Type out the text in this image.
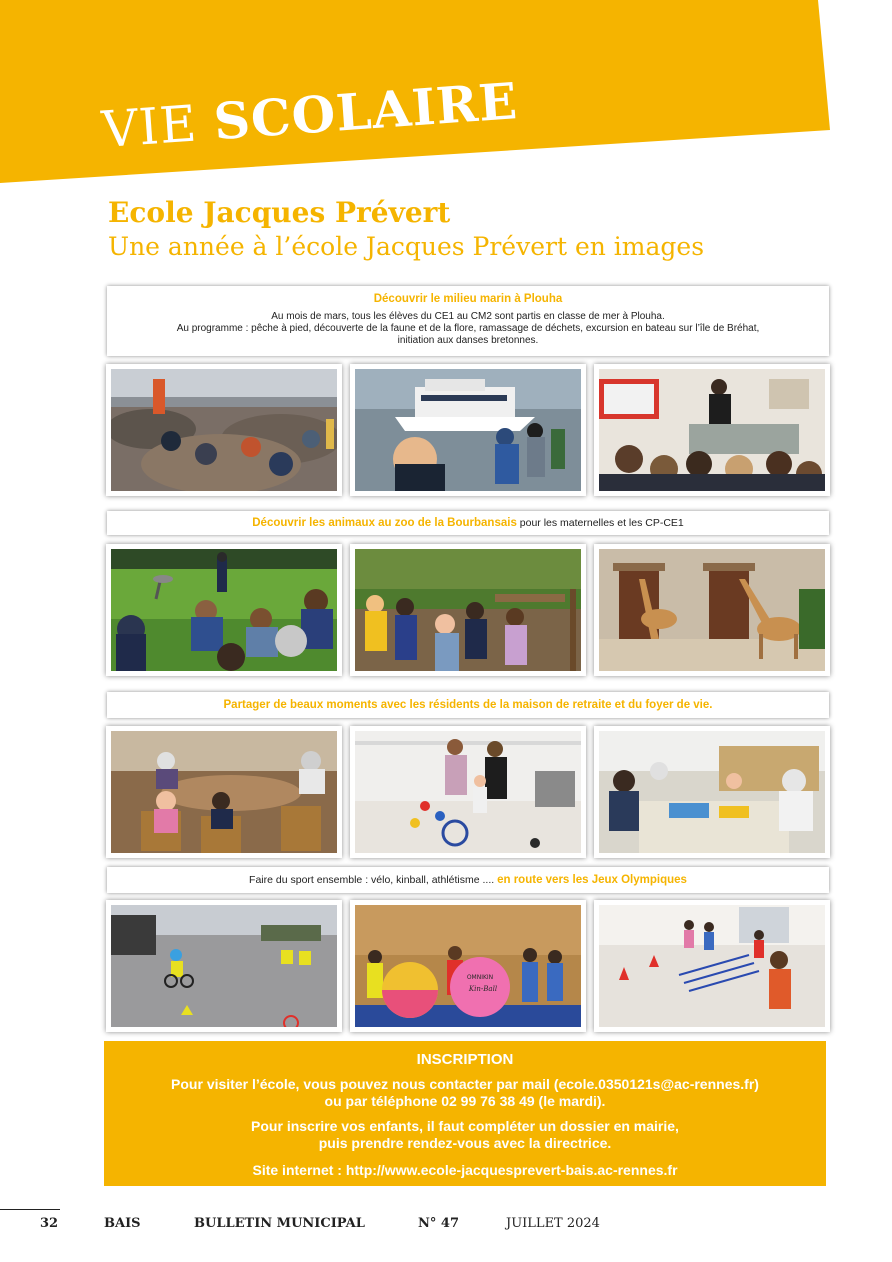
VIE SCOLAIRE
Ecole Jacques Prévert
Une année à l’école Jacques Prévert en images
Découvrir le milieu marin à Plouha
Au mois de mars, tous les élèves du CE1 au CM2 sont partis en classe de mer à Plouha.
Au programme : pêche à pied, découverte de la faune et de la flore, ramassage de déchets, excursion en bateau sur l’île de Bréhat,
initiation aux danses bretonnes.
Découvrir les animaux au zoo de la Bourbansais pour les maternelles et les CP-CE1
Partager de beaux moments avec les résidents de la maison de retraite et du foyer de vie.
Faire du sport ensemble : vélo, kinball, athlétisme .... en route vers les Jeux Olympiques
OMNIKIN
Kin-Ball
INSCRIPTION
Pour visiter l’école, vous pouvez nous contacter par mail (ecole.0350121s@ac-rennes.fr)
ou par téléphone 02 99 76 38 49 (le mardi).
Pour inscrire vos enfants, il faut compléter un dossier en mairie,
puis prendre rendez-vous avec la directrice.
Site internet : http://www.ecole-jacquesprevert-bais.ac-rennes.fr
32	BAIS	BULLETIN MUNICIPAL	N° 47	JUILLET 2024
